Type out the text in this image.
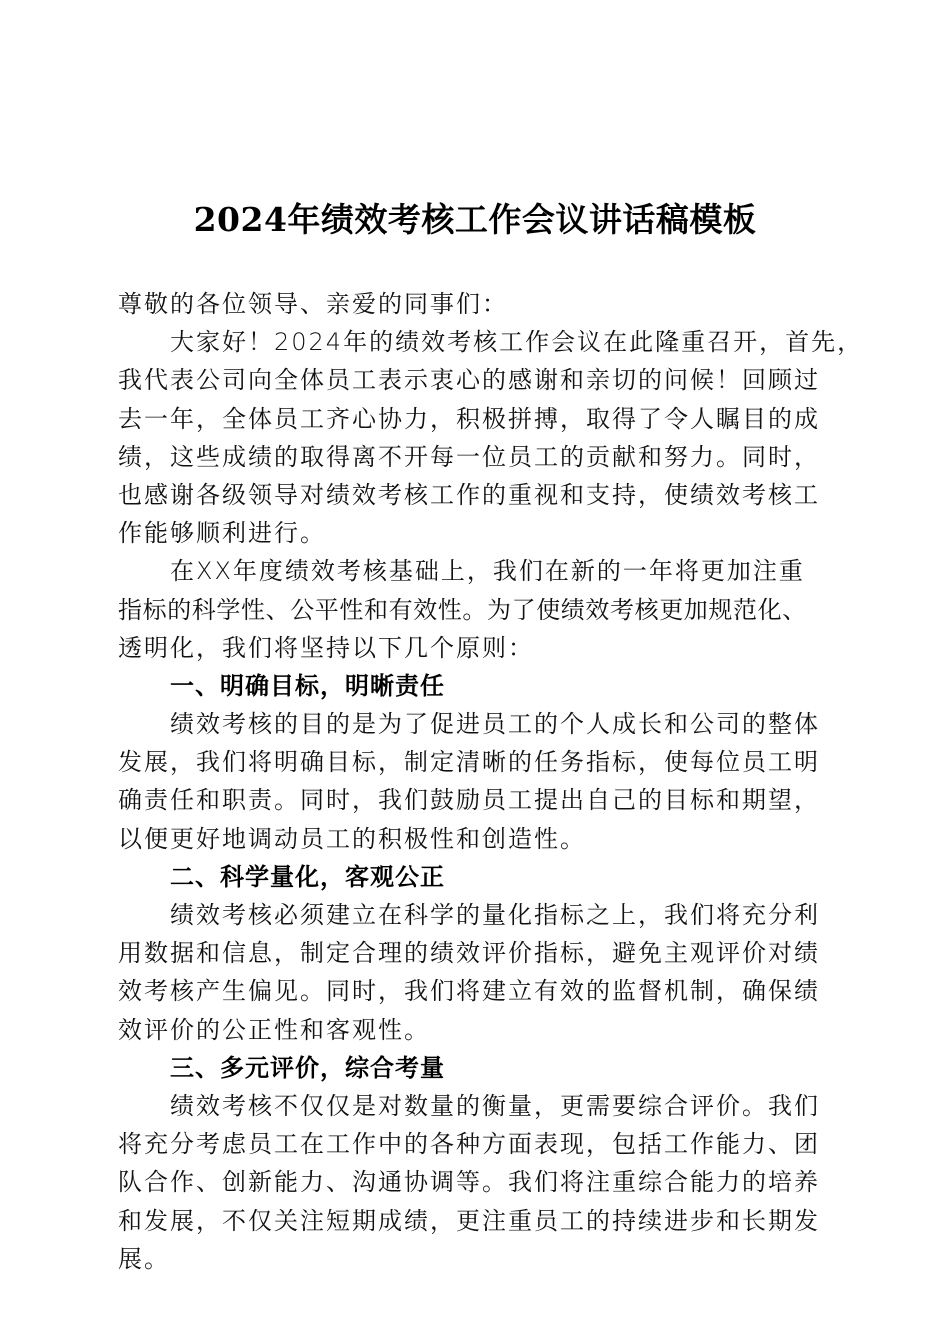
2024年绩效考核工作会议讲话稿模板
尊敬的各位领导、亲爱的同事们：
大家好！2024年的绩效考核工作会议在此隆重召开，首先，
我代表公司向全体员工表示衷心的感谢和亲切的问候！回顾过
去一年，全体员工齐心协力，积极拼搏，取得了令人瞩目的成
绩，这些成绩的取得离不开每一位员工的贡献和努力。同时，
也感谢各级领导对绩效考核工作的重视和支持，使绩效考核工
作能够顺利进行。
在XX年度绩效考核基础上，我们在新的一年将更加注重
指标的科学性、公平性和有效性。为了使绩效考核更加规范化、
透明化，我们将坚持以下几个原则：
一、明确目标，明晰责任
绩效考核的目的是为了促进员工的个人成长和公司的整体
发展，我们将明确目标，制定清晰的任务指标，使每位员工明
确责任和职责。同时，我们鼓励员工提出自己的目标和期望，
以便更好地调动员工的积极性和创造性。
二、科学量化，客观公正
绩效考核必须建立在科学的量化指标之上，我们将充分利
用数据和信息，制定合理的绩效评价指标，避免主观评价对绩
效考核产生偏见。同时，我们将建立有效的监督机制，确保绩
效评价的公正性和客观性。
三、多元评价，综合考量
绩效考核不仅仅是对数量的衡量，更需要综合评价。我们
将充分考虑员工在工作中的各种方面表现，包括工作能力、团
队合作、创新能力、沟通协调等。我们将注重综合能力的培养
和发展，不仅关注短期成绩，更注重员工的持续进步和长期发
展。
